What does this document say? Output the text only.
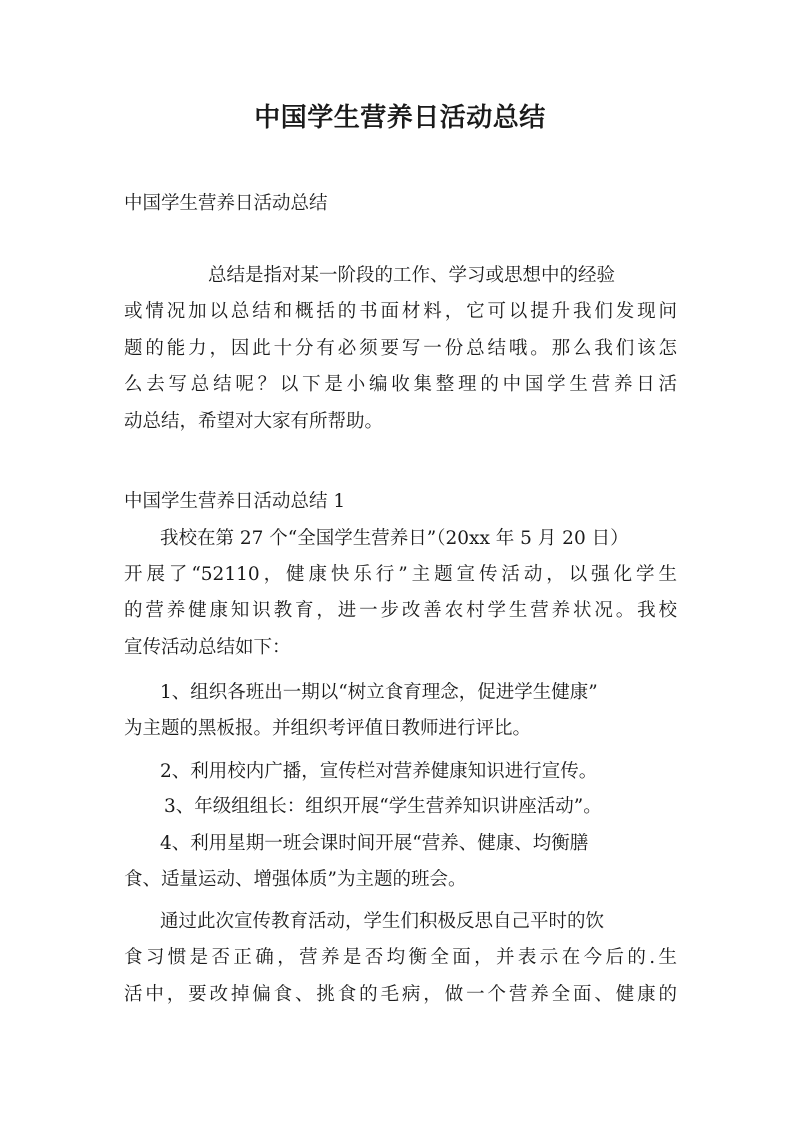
中国学生营养日活动总结
中国学生营养日活动总结
总结是指对某一阶段的工作、学习或思想中的经验
或情况加以总结和概括的书面材料，它可以提升我们发现问
题的能力，因此十分有必须要写一份总结哦。那么我们该怎
么去写总结呢？以下是小编收集整理的中国学生营养日活
动总结，希望对大家有所帮助。
中国学生营养日活动总结 1
我校在第 27 个“全国学生营养日”（20xx 年 5 月 20 日）
开展了“52110，健康快乐行”主题宣传活动，以强化学生
的营养健康知识教育，进一步改善农村学生营养状况。我校
宣传活动总结如下：
1、组织各班出一期以“树立食育理念，促进学生健康”
为主题的黑板报。并组织考评值日教师进行评比。
2、利用校内广播，宣传栏对营养健康知识进行宣传。
3、年级组组长：组织开展“学生营养知识讲座活动”。
4、利用星期一班会课时间开展“营养、健康、均衡膳
食、适量运动、增强体质”为主题的班会。
通过此次宣传教育活动，学生们积极反思自己平时的饮
食习惯是否正确，营养是否均衡全面，并表示在今后的.生
活中，要改掉偏食、挑食的毛病，做一个营养全面、健康的
